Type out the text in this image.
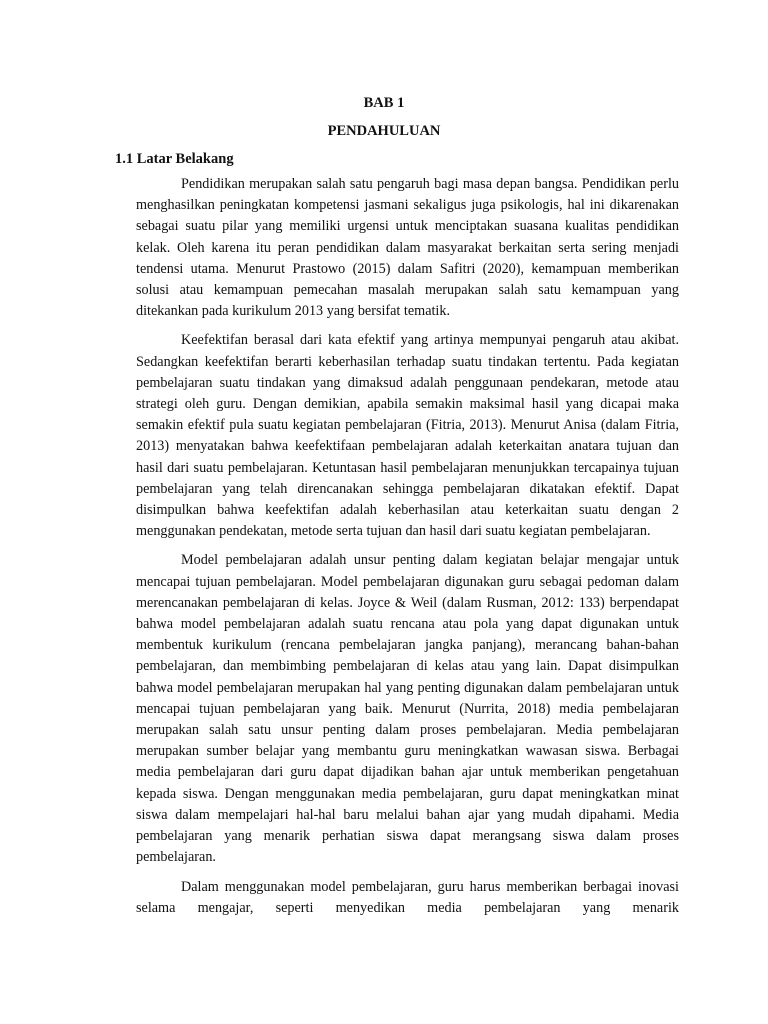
BAB 1
PENDAHULUAN
1.1 Latar Belakang

Pendidikan merupakan salah satu pengaruh bagi masa depan bangsa. Pendidikan perlu menghasilkan peningkatan kompetensi jasmani sekaligus juga psikologis, hal ini dikarenakan sebagai suatu pilar yang memiliki urgensi untuk menciptakan suasana kualitas pendidikan kelak. Oleh karena itu peran pendidikan dalam masyarakat berkaitan serta sering menjadi tendensi utama. Menurut Prastowo (2015) dalam Safitri (2020), kemampuan memberikan solusi atau kemampuan pemecahan masalah merupakan salah satu kemampuan yang ditekankan pada kurikulum 2013 yang bersifat tematik.

Keefektifan berasal dari kata efektif yang artinya mempunyai pengaruh atau akibat. Sedangkan keefektifan berarti keberhasilan terhadap suatu tindakan tertentu. Pada kegiatan pembelajaran suatu tindakan yang dimaksud adalah penggunaan pendekaran, metode atau strategi oleh guru. Dengan demikian, apabila semakin maksimal hasil yang dicapai maka semakin efektif pula suatu kegiatan pembelajaran (Fitria, 2013). Menurut Anisa (dalam Fitria, 2013) menyatakan bahwa keefektifaan pembelajaran adalah keterkaitan anatara tujuan dan hasil dari suatu pembelajaran. Ketuntasan hasil pembelajaran menunjukkan tercapainya tujuan pembelajaran yang telah direncanakan sehingga pembelajaran dikatakan efektif. Dapat disimpulkan bahwa keefektifan adalah keberhasilan atau keterkaitan suatu dengan 2 menggunakan pendekatan, metode serta tujuan dan hasil dari suatu kegiatan pembelajaran.

Model pembelajaran adalah unsur penting dalam kegiatan belajar mengajar untuk mencapai tujuan pembelajaran. Model pembelajaran digunakan guru sebagai pedoman dalam merencanakan pembelajaran di kelas. Joyce & Weil (dalam Rusman, 2012: 133) berpendapat bahwa model pembelajaran adalah suatu rencana atau pola yang dapat digunakan untuk membentuk kurikulum (rencana pembelajaran jangka panjang), merancang bahan-bahan pembelajaran, dan membimbing pembelajaran di kelas atau yang lain. Dapat disimpulkan bahwa model pembelajaran merupakan hal yang penting digunakan dalam pembelajaran untuk mencapai tujuan pembelajaran yang baik. Menurut (Nurrita, 2018) media pembelajaran merupakan salah satu unsur penting dalam proses pembelajaran. Media pembelajaran merupakan sumber belajar yang membantu guru meningkatkan wawasan siswa. Berbagai media pembelajaran dari guru dapat dijadikan bahan ajar untuk memberikan pengetahuan kepada siswa. Dengan menggunakan media pembelajaran, guru dapat meningkatkan minat siswa dalam mempelajari hal-hal baru melalui bahan ajar yang mudah dipahami. Media pembelajaran yang menarik perhatian siswa dapat merangsang siswa dalam proses pembelajaran.

Dalam menggunakan model pembelajaran, guru harus memberikan berbagai inovasi selama mengajar, seperti menyedikan media pembelajaran yang menarik
